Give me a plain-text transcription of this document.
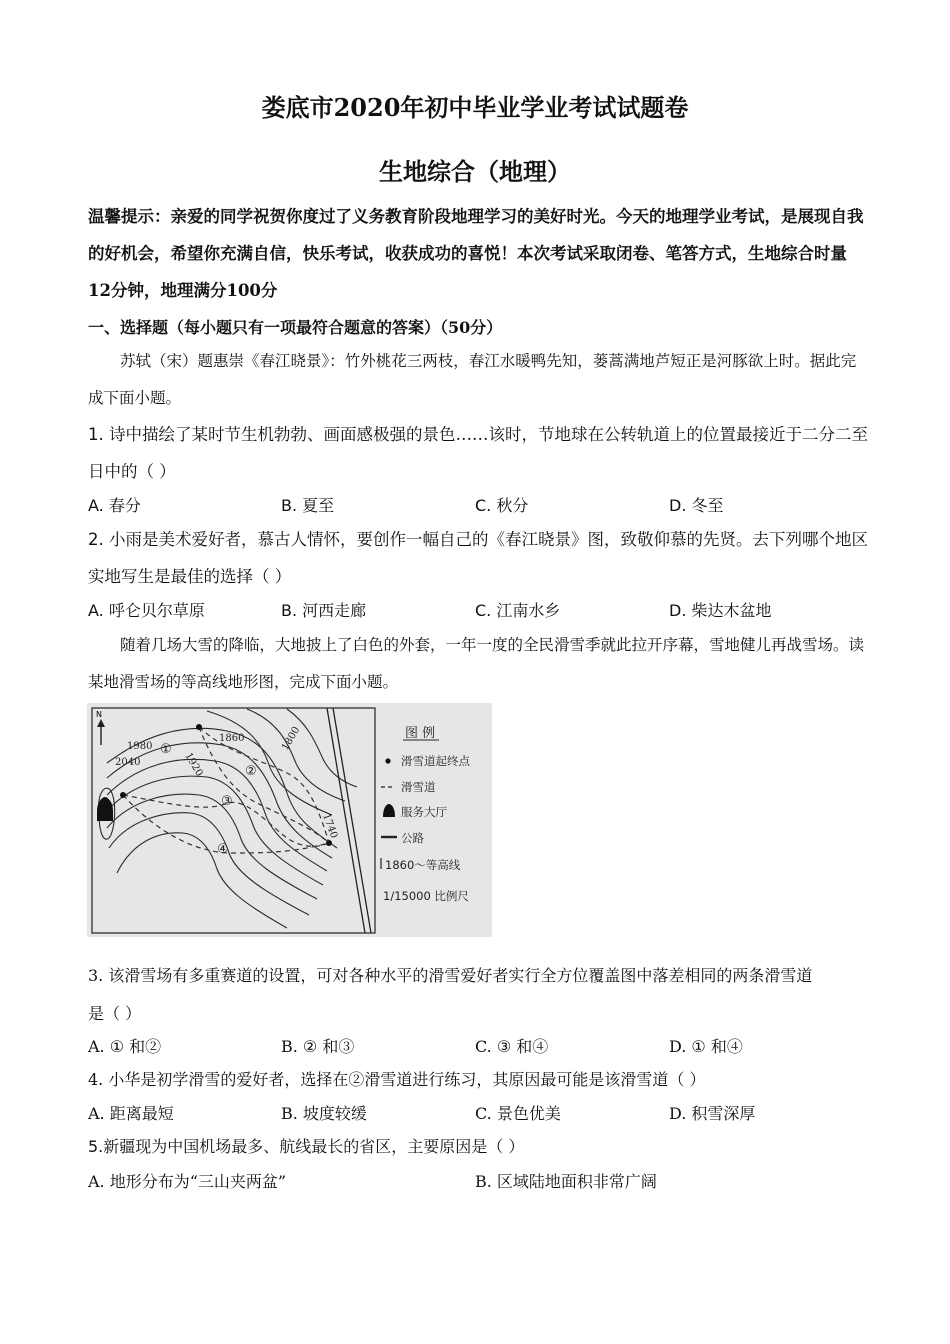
娄底市2020年初中毕业学业考试试题卷
生地综合（地理）
温馨提示：亲爱的同学祝贺你度过了义务教育阶段地理学习的美好时光。今天的地理学业考试，是展现自我的好机会，希望你充满自信，快乐考试，收获成功的喜悦！本次考试采取闭卷、笔答方式，生地综合时量12分钟，地理满分100分
一、选择题（每小题只有一项最符合题意的答案）（50分）
苏轼（宋）题惠崇《春江晓景》：竹外桃花三两枝，春江水暖鸭先知，蒌蒿满地芦短正是河豚欲上时。据此完成下面小题。
1. 诗中描绘了某时节生机勃勃、画面感极强的景色……该时，节地球在公转轨道上的位置最接近于二分二至日中的（ ）
A. 春分	B. 夏至	C. 秋分	D. 冬至
2. 小雨是美术爱好者，慕古人情怀，要创作一幅自己的《春江晓景》图，致敬仰慕的先贤。去下列哪个地区实地写生是最佳的选择（ ）
A. 呼仑贝尔草原	B. 河西走廊	C. 江南水乡	D. 柴达木盆地
随着几场大雪的降临，大地披上了白色的外套，一年一度的全民滑雪季就此拉开序幕，雪地健儿再战雪场。读某地滑雪场的等高线地形图，完成下面小题。
N
2040
1980
1920
1860	1800
1740
①
②
③
④
图 例
滑雪道起终点
滑雪道
服务大厅
公路
1860～等高线
1/15000 比例尺
3. 该滑雪场有多重赛道的设置，可对各种水平的滑雪爱好者实行全方位覆盖图中落差相同的两条滑雪道
是（ ）
A. ① 和②	B. ② 和③	C. ③ 和④	D. ① 和④
4. 小华是初学滑雪的爱好者，选择在②滑雪道进行练习，其原因最可能是该滑雪道（ ）
A. 距离最短	B. 坡度较缓	C. 景色优美	D. 积雪深厚
5.新疆现为中国机场最多、航线最长的省区，主要原因是（ ）
A. 地形分布为“三山夹两盆”	B. 区域陆地面积非常广阔
